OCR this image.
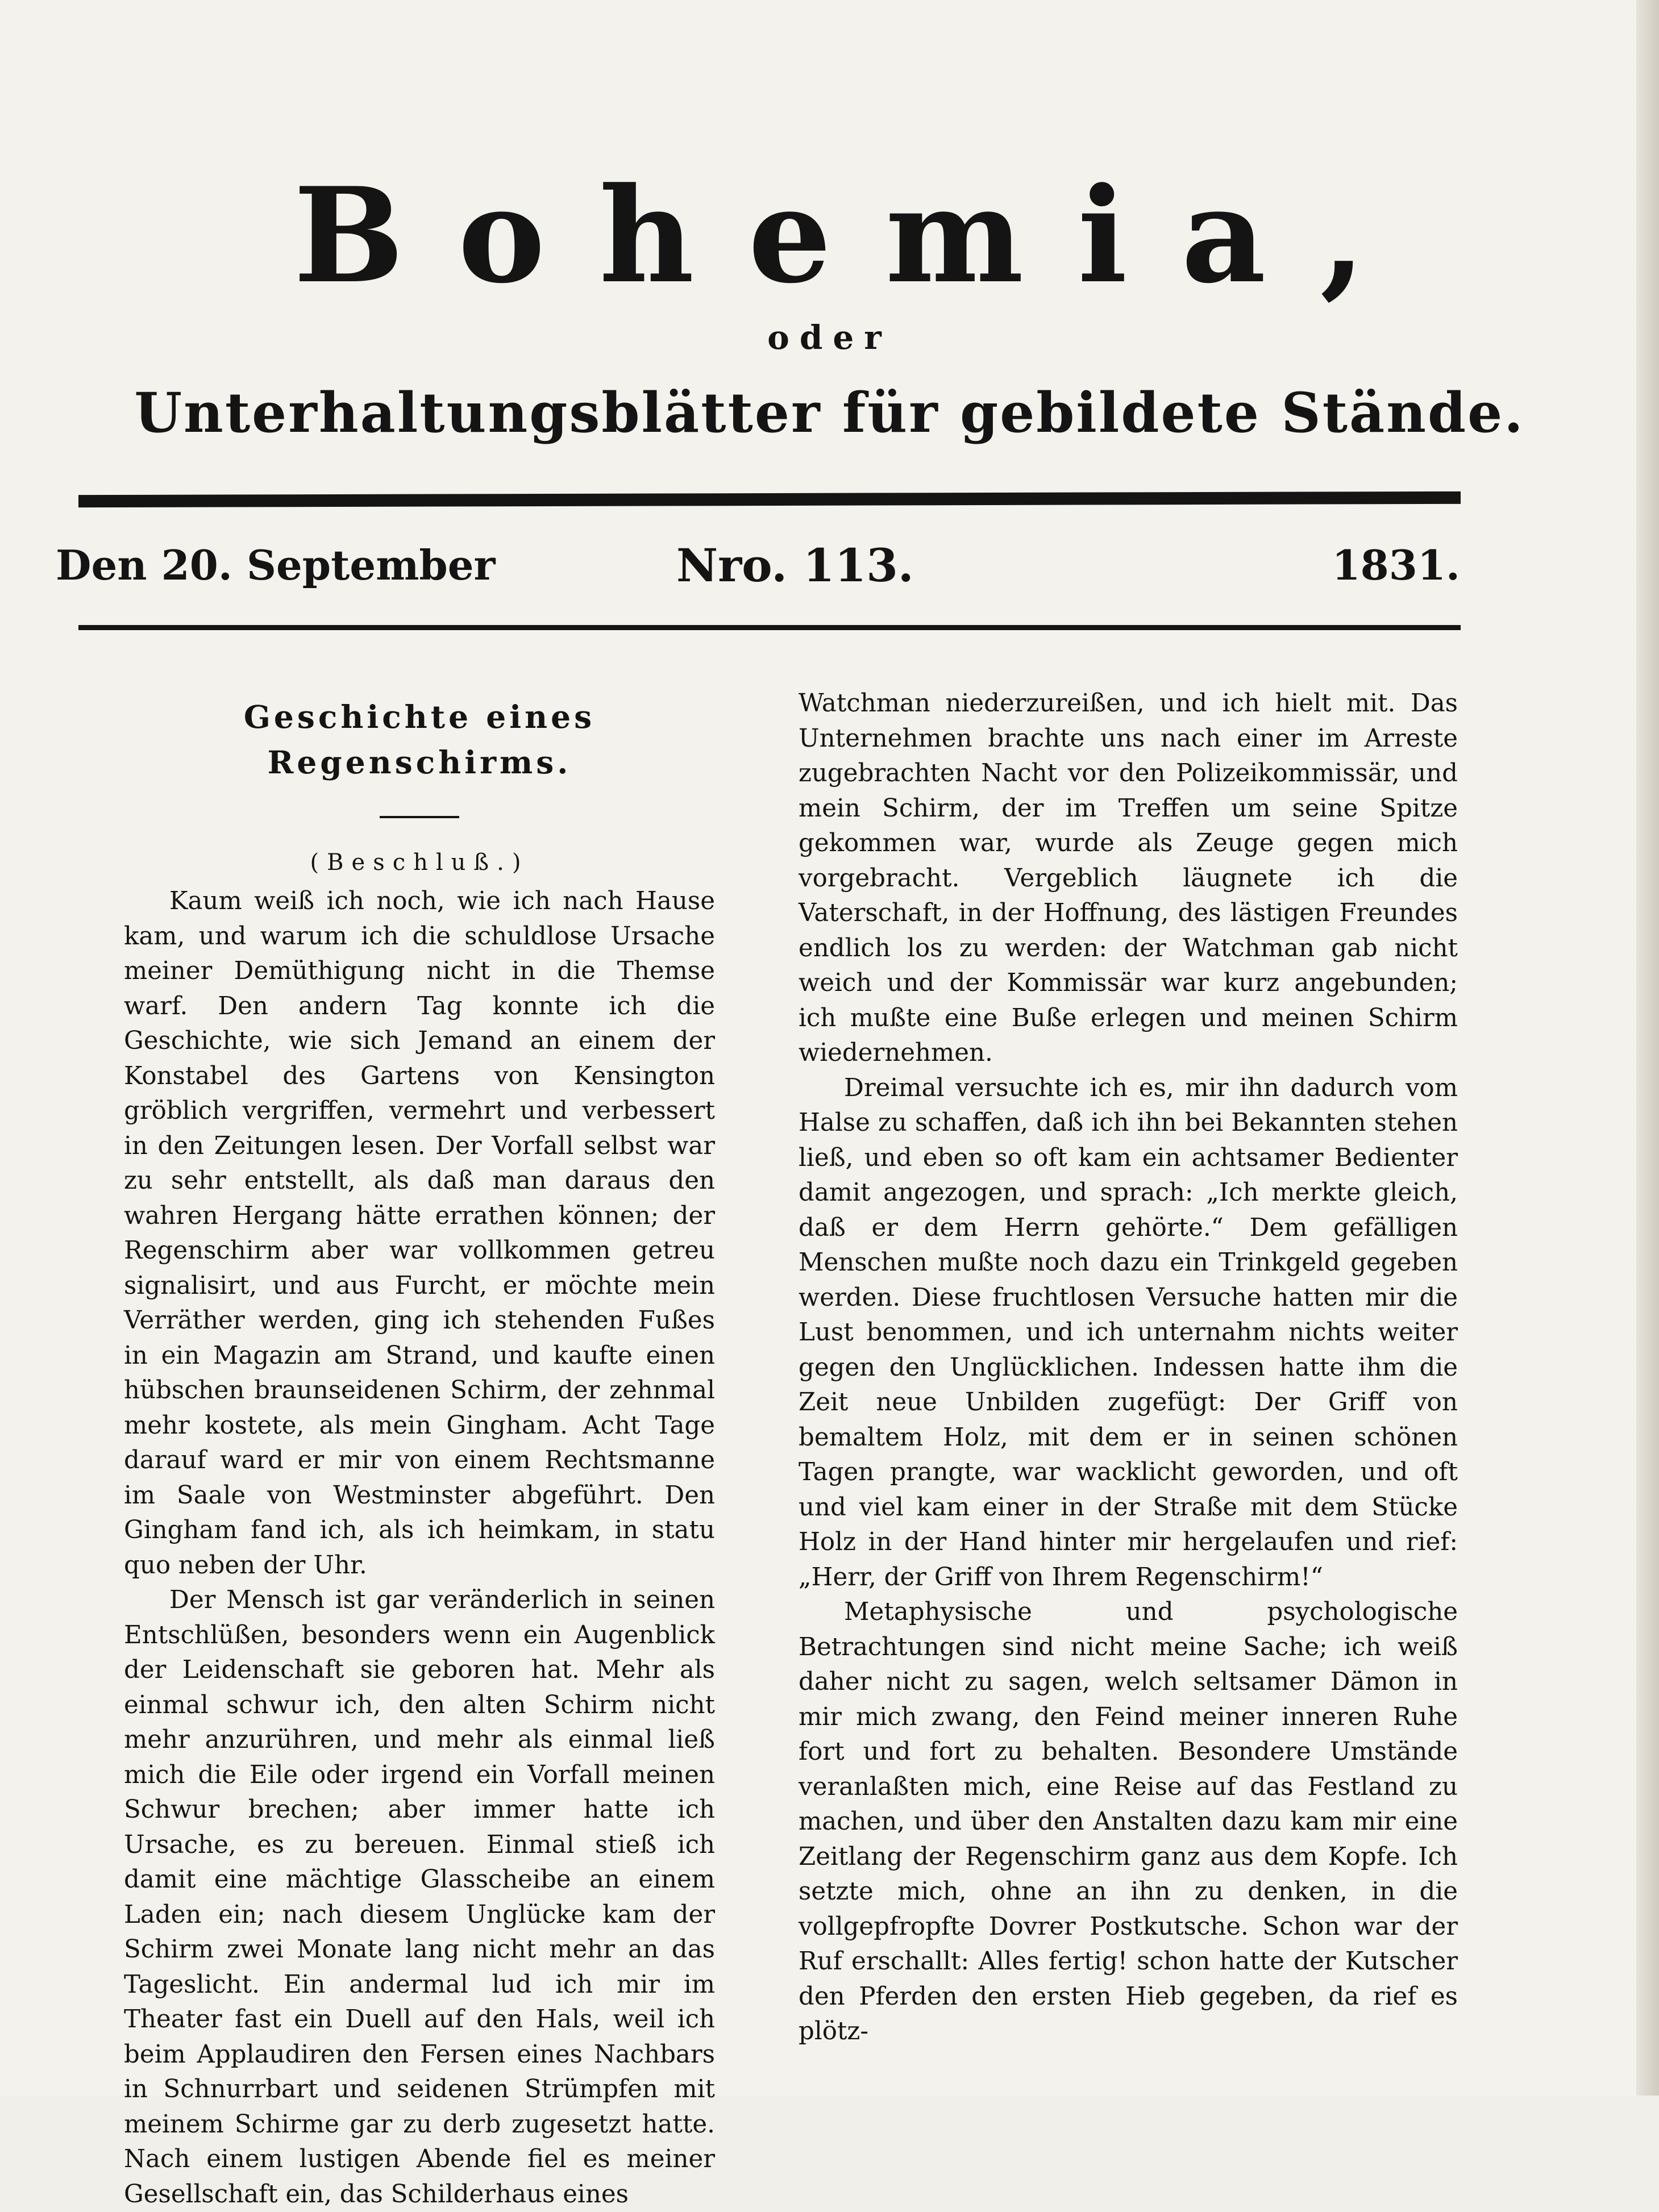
Bohemia,
oder
Unterhaltungsblätter für gebildete Stände.
Den 20. September	Nro. 113.	1831.
Geschichte eines Regenschirms.
(Beschluß.)

Kaum weiß ich noch, wie ich nach Hause kam, und warum ich die schuldlose Ursache meiner Demüthigung nicht in die Themse warf. Den andern Tag konnte ich die Geschichte, wie sich Jemand an einem der Konstabel des Gartens von Kensington gröblich vergriffen, vermehrt und verbessert in den Zeitungen lesen. Der Vorfall selbst war zu sehr entstellt, als daß man daraus den wahren Hergang hätte errathen können; der Regenschirm aber war vollkommen getreu signalisirt, und aus Furcht, er möchte mein Verräther werden, ging ich stehenden Fußes in ein Magazin am Strand, und kaufte einen hübschen braunseidenen Schirm, der zehnmal mehr kostete, als mein Gingham. Acht Tage darauf ward er mir von einem Rechtsmanne im Saale von Westminster abgeführt. Den Gingham fand ich, als ich heimkam, in statu quo neben der Uhr.

Der Mensch ist gar veränderlich in seinen Entschlüßen, besonders wenn ein Augenblick der Leidenschaft sie geboren hat. Mehr als einmal schwur ich, den alten Schirm nicht mehr anzurühren, und mehr als einmal ließ mich die Eile oder irgend ein Vorfall meinen Schwur brechen; aber immer hatte ich Ursache, es zu bereuen. Einmal stieß ich damit eine mächtige Glasscheibe an einem Laden ein; nach diesem Unglücke kam der Schirm zwei Monate lang nicht mehr an das Tageslicht. Ein andermal lud ich mir im Theater fast ein Duell auf den Hals, weil ich beim Applaudiren den Fersen eines Nachbars in Schnurrbart und seidenen Strümpfen mit meinem Schirme gar zu derb zugesetzt hatte. Nach einem lustigen Abende fiel es meiner Gesellschaft ein, das Schilderhaus eines

Watchman niederzureißen, und ich hielt mit. Das Unternehmen brachte uns nach einer im Arreste zugebrachten Nacht vor den Polizeikommissär, und mein Schirm, der im Treffen um seine Spitze gekommen war, wurde als Zeuge gegen mich vorgebracht. Vergeblich läugnete ich die Vaterschaft, in der Hoffnung, des lästigen Freundes endlich los zu werden: der Watchman gab nicht weich und der Kommissär war kurz angebunden; ich mußte eine Buße erlegen und meinen Schirm wiedernehmen.

Dreimal versuchte ich es, mir ihn dadurch vom Halse zu schaffen, daß ich ihn bei Bekannten stehen ließ, und eben so oft kam ein achtsamer Bedienter damit angezogen, und sprach: „Ich merkte gleich, daß er dem Herrn gehörte.“ Dem gefälligen Menschen mußte noch dazu ein Trinkgeld gegeben werden. Diese fruchtlosen Versuche hatten mir die Lust benommen, und ich unternahm nichts weiter gegen den Unglücklichen. Indessen hatte ihm die Zeit neue Unbilden zugefügt: Der Griff von bemaltem Holz, mit dem er in seinen schönen Tagen prangte, war wacklicht geworden, und oft und viel kam einer in der Straße mit dem Stücke Holz in der Hand hinter mir hergelaufen und rief: „Herr, der Griff von Ihrem Regenschirm!“

Metaphysische und psychologische Betrachtungen sind nicht meine Sache; ich weiß daher nicht zu sagen, welch seltsamer Dämon in mir mich zwang, den Feind meiner inneren Ruhe fort und fort zu behalten. Besondere Umstände veranlaßten mich, eine Reise auf das Festland zu machen, und über den Anstalten dazu kam mir eine Zeitlang der Regenschirm ganz aus dem Kopfe. Ich setzte mich, ohne an ihn zu denken, in die vollgepfropfte Dovrer Postkutsche. Schon war der Ruf erschallt: Alles fertig! schon hatte der Kutscher den Pferden den ersten Hieb gegeben, da rief es plötz-
